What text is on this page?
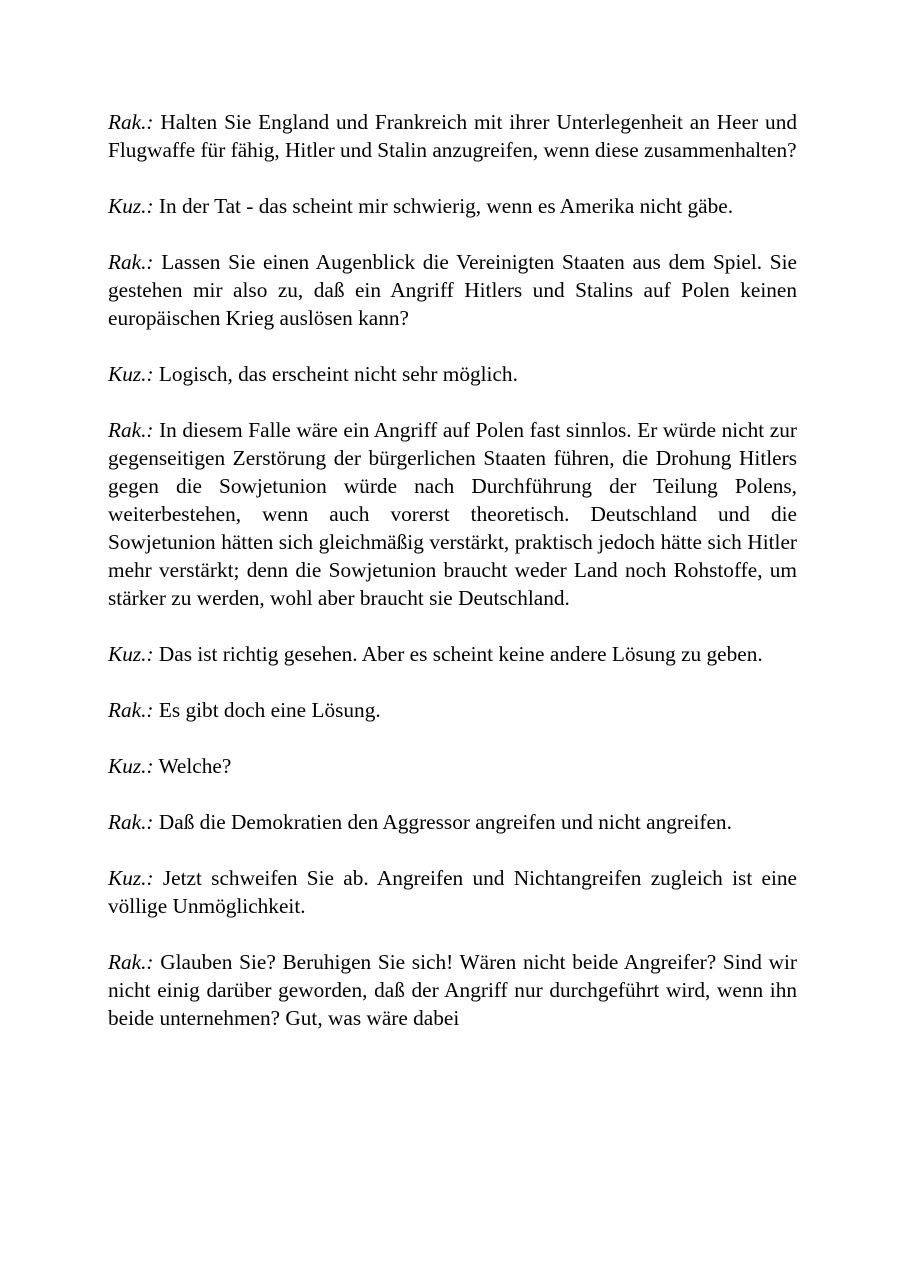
Rak.: Halten Sie England und Frankreich mit ihrer Unterlegenheit an Heer und Flugwaffe für fähig, Hitler und Stalin anzugreifen, wenn diese zusammenhalten?

Kuz.: In der Tat - das scheint mir schwierig, wenn es Amerika nicht gäbe.

Rak.: Lassen Sie einen Augenblick die Vereinigten Staaten aus dem Spiel. Sie gestehen mir also zu, daß ein Angriff Hitlers und Stalins auf Polen keinen europäischen Krieg auslösen kann?

Kuz.: Logisch, das erscheint nicht sehr möglich.

Rak.: In diesem Falle wäre ein Angriff auf Polen fast sinnlos. Er würde nicht zur gegenseitigen Zerstörung der bürgerlichen Staaten führen, die Drohung Hitlers gegen die Sowjetunion würde nach Durchführung der Teilung Polens, weiterbestehen, wenn auch vorerst theoretisch. Deutschland und die Sowjetunion hätten sich gleichmäßig verstärkt, praktisch jedoch hätte sich Hitler mehr verstärkt; denn die Sowjetunion braucht weder Land noch Rohstoffe, um stärker zu werden, wohl aber braucht sie Deutschland.

Kuz.: Das ist richtig gesehen. Aber es scheint keine andere Lösung zu geben.

Rak.: Es gibt doch eine Lösung.

Kuz.: Welche?

Rak.: Daß die Demokratien den Aggressor angreifen und nicht angreifen.

Kuz.: Jetzt schweifen Sie ab. Angreifen und Nichtangreifen zugleich ist eine völlige Unmöglichkeit.

Rak.: Glauben Sie? Beruhigen Sie sich! Wären nicht beide Angreifer? Sind wir nicht einig darüber geworden, daß der Angriff nur durchgeführt wird, wenn ihn beide unternehmen? Gut, was wäre dabei
